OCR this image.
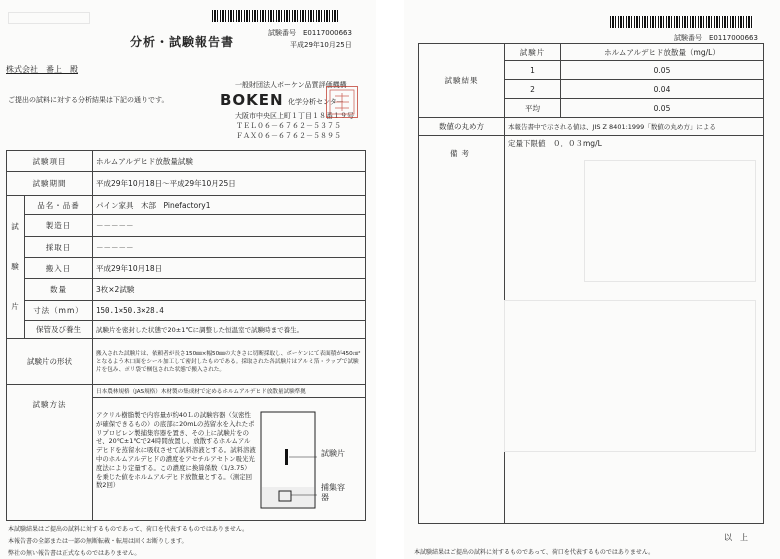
試験番号　E0117000663
分析・試験報告書	平成29年10月25日
株式会社　番上　殿
ご提出の試料に対する分析結果は下記の通りです。
一般財団法人ボーケン品質評価機構
BOKEN 化学分析センター
大阪市中央区上町１丁目１８番１９号
ＴＥＬ０６－６７６２－５３７５
ＦＡＸ０６－６７６２－５８９５
試験項目		ホルムアルデヒド放散量試験
試験期間		平成29年10月18日～平成29年10月25日

試
験
片	品名・品番	パイン家具　木部　Pinefactory1
	製造日	－－－－－
	採取日	－－－－－
	搬入日	平成29年10月18日
	数量	3枚×2試験
	寸法（mm）	150.1×50.3×28.4
	保管及び養生	試験片を密封した状態で20±1℃に調整した恒温室で試験時まで養生。
試験片の形状		搬入された試験片は、依頼者が長さ150㎜×幅50㎜の大きさに切断採取し、ボーケンにて表面積が450㎝²となるよう木口面をシール加工して密封したものである。採取された各試験片はアルミ箔・ラップで試験片を包み、ポリ袋で梱包された状態で搬入された。
試験方法		日本農林規格（JAS規格）木材製の集成材で定めるホルムアルデヒド放散量試験準拠
アクリル樹脂製で内容量が約40Ｌの試験容器（気密性が確保できるもの）の底部に20mLの蒸留水を入れたポリプロピレン製捕集容器を置き、その上に試験片をのせ、20℃±1℃で24時間放置し、放散するホルムアルデヒドを蒸留水に吸収させて試料溶液とする。試料溶液中のホルムアルデヒドの濃度をアセチルアセトン吸光光度法により定量する。この濃度に換算係数（1/3.75）を乗じた値をホルムアルデヒド放散量とする。（測定回数2回）
試験片
捕集容器
本試験結果はご提出の試料に対するものであって、荷口を代表するものではありません。
本報告書の全部または一部の無断転載・転用は固くお断りします。
弊社の無い報告書は正式なものではありません。
試験番号　E0117000663
試験結果	試験片	ホルムアルデヒド放散量（mg/L）
	1	0.05
	2	0.04
	平均	0.05
数値の丸め方	本報告書中で示される値は、JIS Z 8401:1999「数値の丸め方」による	
備考	定量下限値　０．０３mg/L	
以　上
本試験結果はご提出の試料に対するものであって、荷口を代表するものではありません。
